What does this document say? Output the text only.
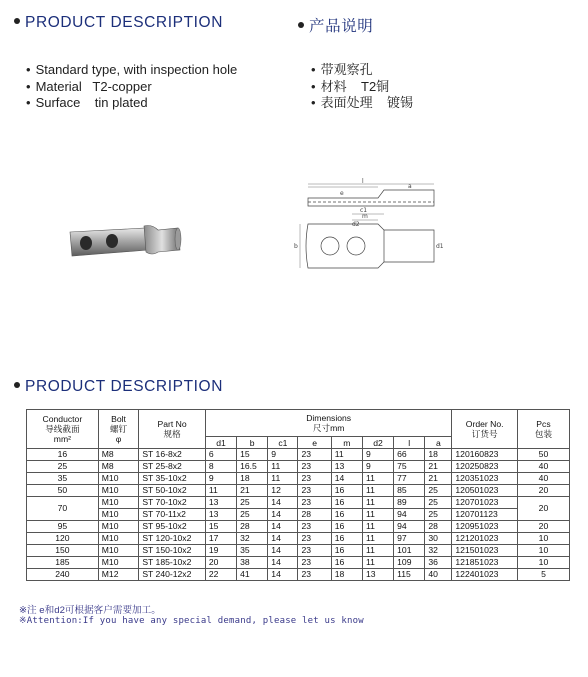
PRODUCT DESCRIPTION	产品说明
• Standard type, with inspection hole
• Material   T2-copper
• Surface    tin plated
• 带观察孔
• 材料    T2铜
• 表面处理    镀锡
l
a
e
c1
m
b
d2
d1
PRODUCT DESCRIPTION
Conductor
导线截面
mm²	Bolt
螺钉
φ	Part No
规格	Dimensions
尺寸mm								Order No.
订货号	Pcs
包装
			d1	b	c1	e	m	d2	l	a		
16	M8	ST 16-8x2	6	15	9	23	11	9	66	18	120160823	50
25	M8	ST 25-8x2	8	16.5	11	23	13	9	75	21	120250823	40
35	M10	ST 35-10x2	9	18	11	23	14	11	77	21	120351023	40
50	M10	ST 50-10x2	11	21	12	23	16	11	85	25	120501023	20
70	M10	ST 70-10x2	13	25	14	23	16	11	89	25	120701023	20
	M10	ST 70-11x2	13	25	14	28	16	11	94	25	120701123	
95	M10	ST 95-10x2	15	28	14	23	16	11	94	28	120951023	20
120	M10	ST 120-10x2	17	32	14	23	16	11	97	30	121201023	10
150	M10	ST 150-10x2	19	35	14	23	16	11	101	32	121501023	10
185	M10	ST 185-10x2	20	38	14	23	16	11	109	36	121851023	10
240	M12	ST 240-12x2	22	41	14	23	18	13	115	40	122401023	5
※注 e和d2可根据客户需要加工。
※Attention:If you have any special demand, please let us know
